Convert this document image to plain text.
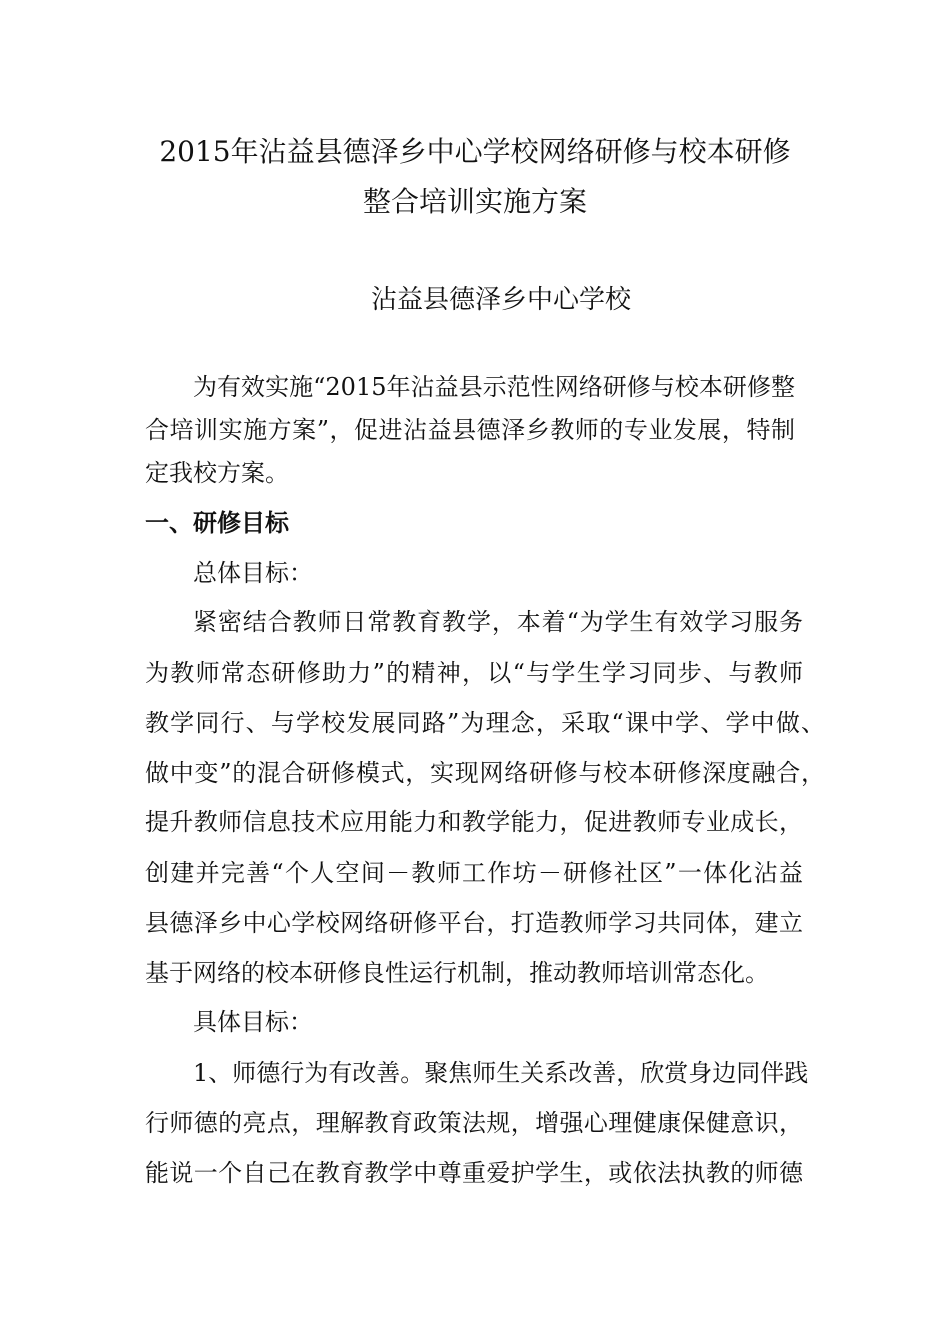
2015年沾益县德泽乡中心学校网络研修与校本研修
整合培训实施方案
沾益县德泽乡中心学校
为有效实施“2015年沾益县示范性网络研修与校本研修整
合培训实施方案”，促进沾益县德泽乡教师的专业发展，特制
定我校方案。
一、研修目标
总体目标：
紧密结合教师日常教育教学，本着“为学生有效学习服务
为教师常态研修助力”的精神，以“与学生学习同步、与教师
教学同行、与学校发展同路”为理念，采取“课中学、学中做、
做中变”的混合研修模式，实现网络研修与校本研修深度融合，
提升教师信息技术应用能力和教学能力，促进教师专业成长，
创建并完善“个人空间－教师工作坊－研修社区”一体化沾益
县德泽乡中心学校网络研修平台，打造教师学习共同体，建立
基于网络的校本研修良性运行机制，推动教师培训常态化。
具体目标：
1、师德行为有改善。聚焦师生关系改善，欣赏身边同伴践
行师德的亮点，理解教育政策法规，增强心理健康保健意识，
能说一个自己在教育教学中尊重爱护学生，或依法执教的师德
